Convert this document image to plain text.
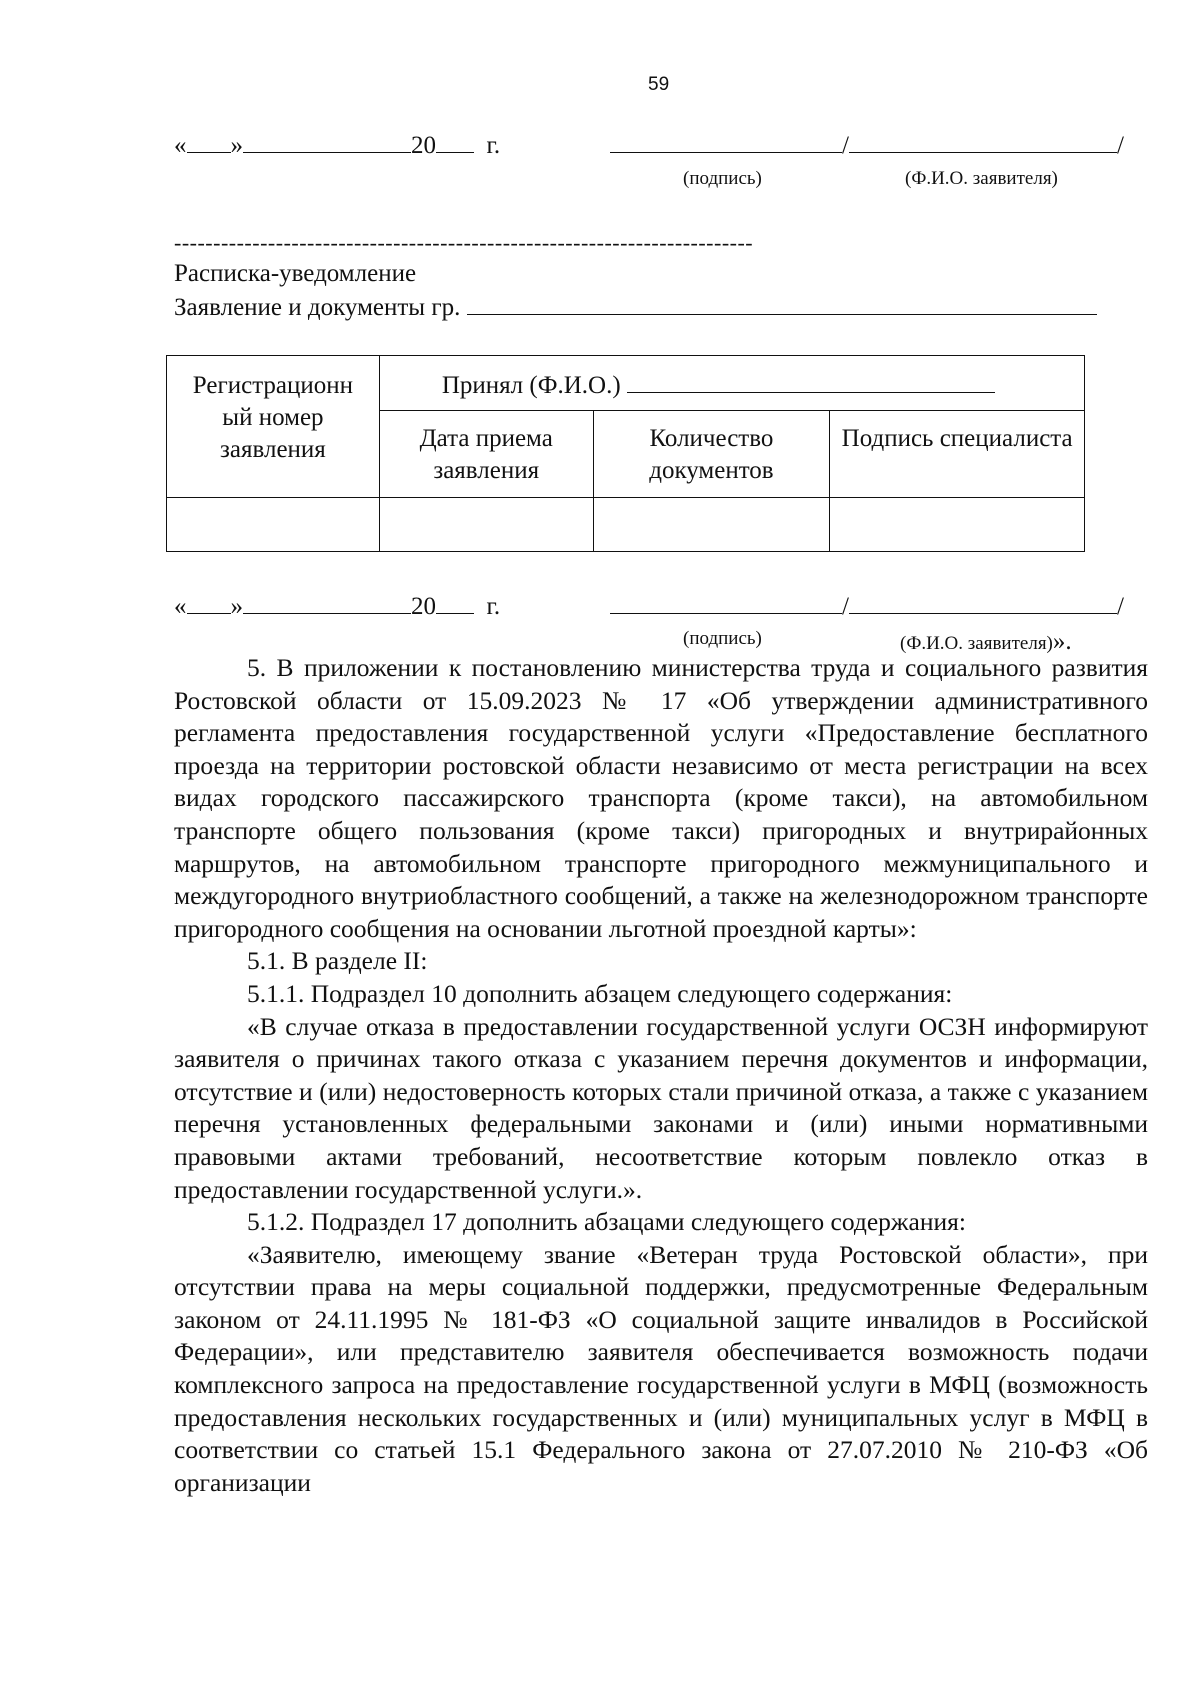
59
« »	20 г.	/	/
(подпись)	(Ф.И.О. заявителя)
--------------------------------------------------------------------------
Расписка-уведомление
Заявление и документы гр.
Регистрационн ый номер заявления	Принял (Ф.И.О.)		
	Дата приема заявления	Количество документов	Подпись специалиста

« »	20 г.	/	/
(подпись)	(Ф.И.О. заявителя)».

5. В приложении к постановлению министерства труда и социального развития Ростовской области от 15.09.2023 № 17 «Об утверждении административного регламента предоставления государственной услуги «Предоставление бесплатного проезда на территории ростовской области независимо от места регистрации на всех видах городского пассажирского транспорта (кроме такси), на автомобильном транспорте общего пользования (кроме такси) пригородных и внутрирайонных маршрутов, на автомобильном транспорте пригородного межмуниципального и междугородного внутриобластного сообщений, а также на железнодорожном транспорте пригородного сообщения на основании льготной проездной карты»:

5.1. В разделе II:

5.1.1. Подраздел 10 дополнить абзацем следующего содержания:

«В случае отказа в предоставлении государственной услуги ОСЗН информируют заявителя о причинах такого отказа с указанием перечня документов и информации, отсутствие и (или) недостоверность которых стали причиной отказа, а также с указанием перечня установленных федеральными законами и (или) иными нормативными правовыми актами требований, несоответствие которым повлекло отказ в предоставлении государственной услуги.».

5.1.2. Подраздел 17 дополнить абзацами следующего содержания:

«Заявителю, имеющему звание «Ветеран труда Ростовской области», при отсутствии права на меры социальной поддержки, предусмотренные Федеральным законом от 24.11.1995 № 181-ФЗ «О социальной защите инвалидов в Российской Федерации», или представителю заявителя обеспечивается возможность подачи комплексного запроса на предоставление государственной услуги в МФЦ (возможность предоставления нескольких государственных и (или) муниципальных услуг в МФЦ в соответствии со статьей 15.1 Федерального закона от 27.07.2010 № 210-ФЗ «Об организации
